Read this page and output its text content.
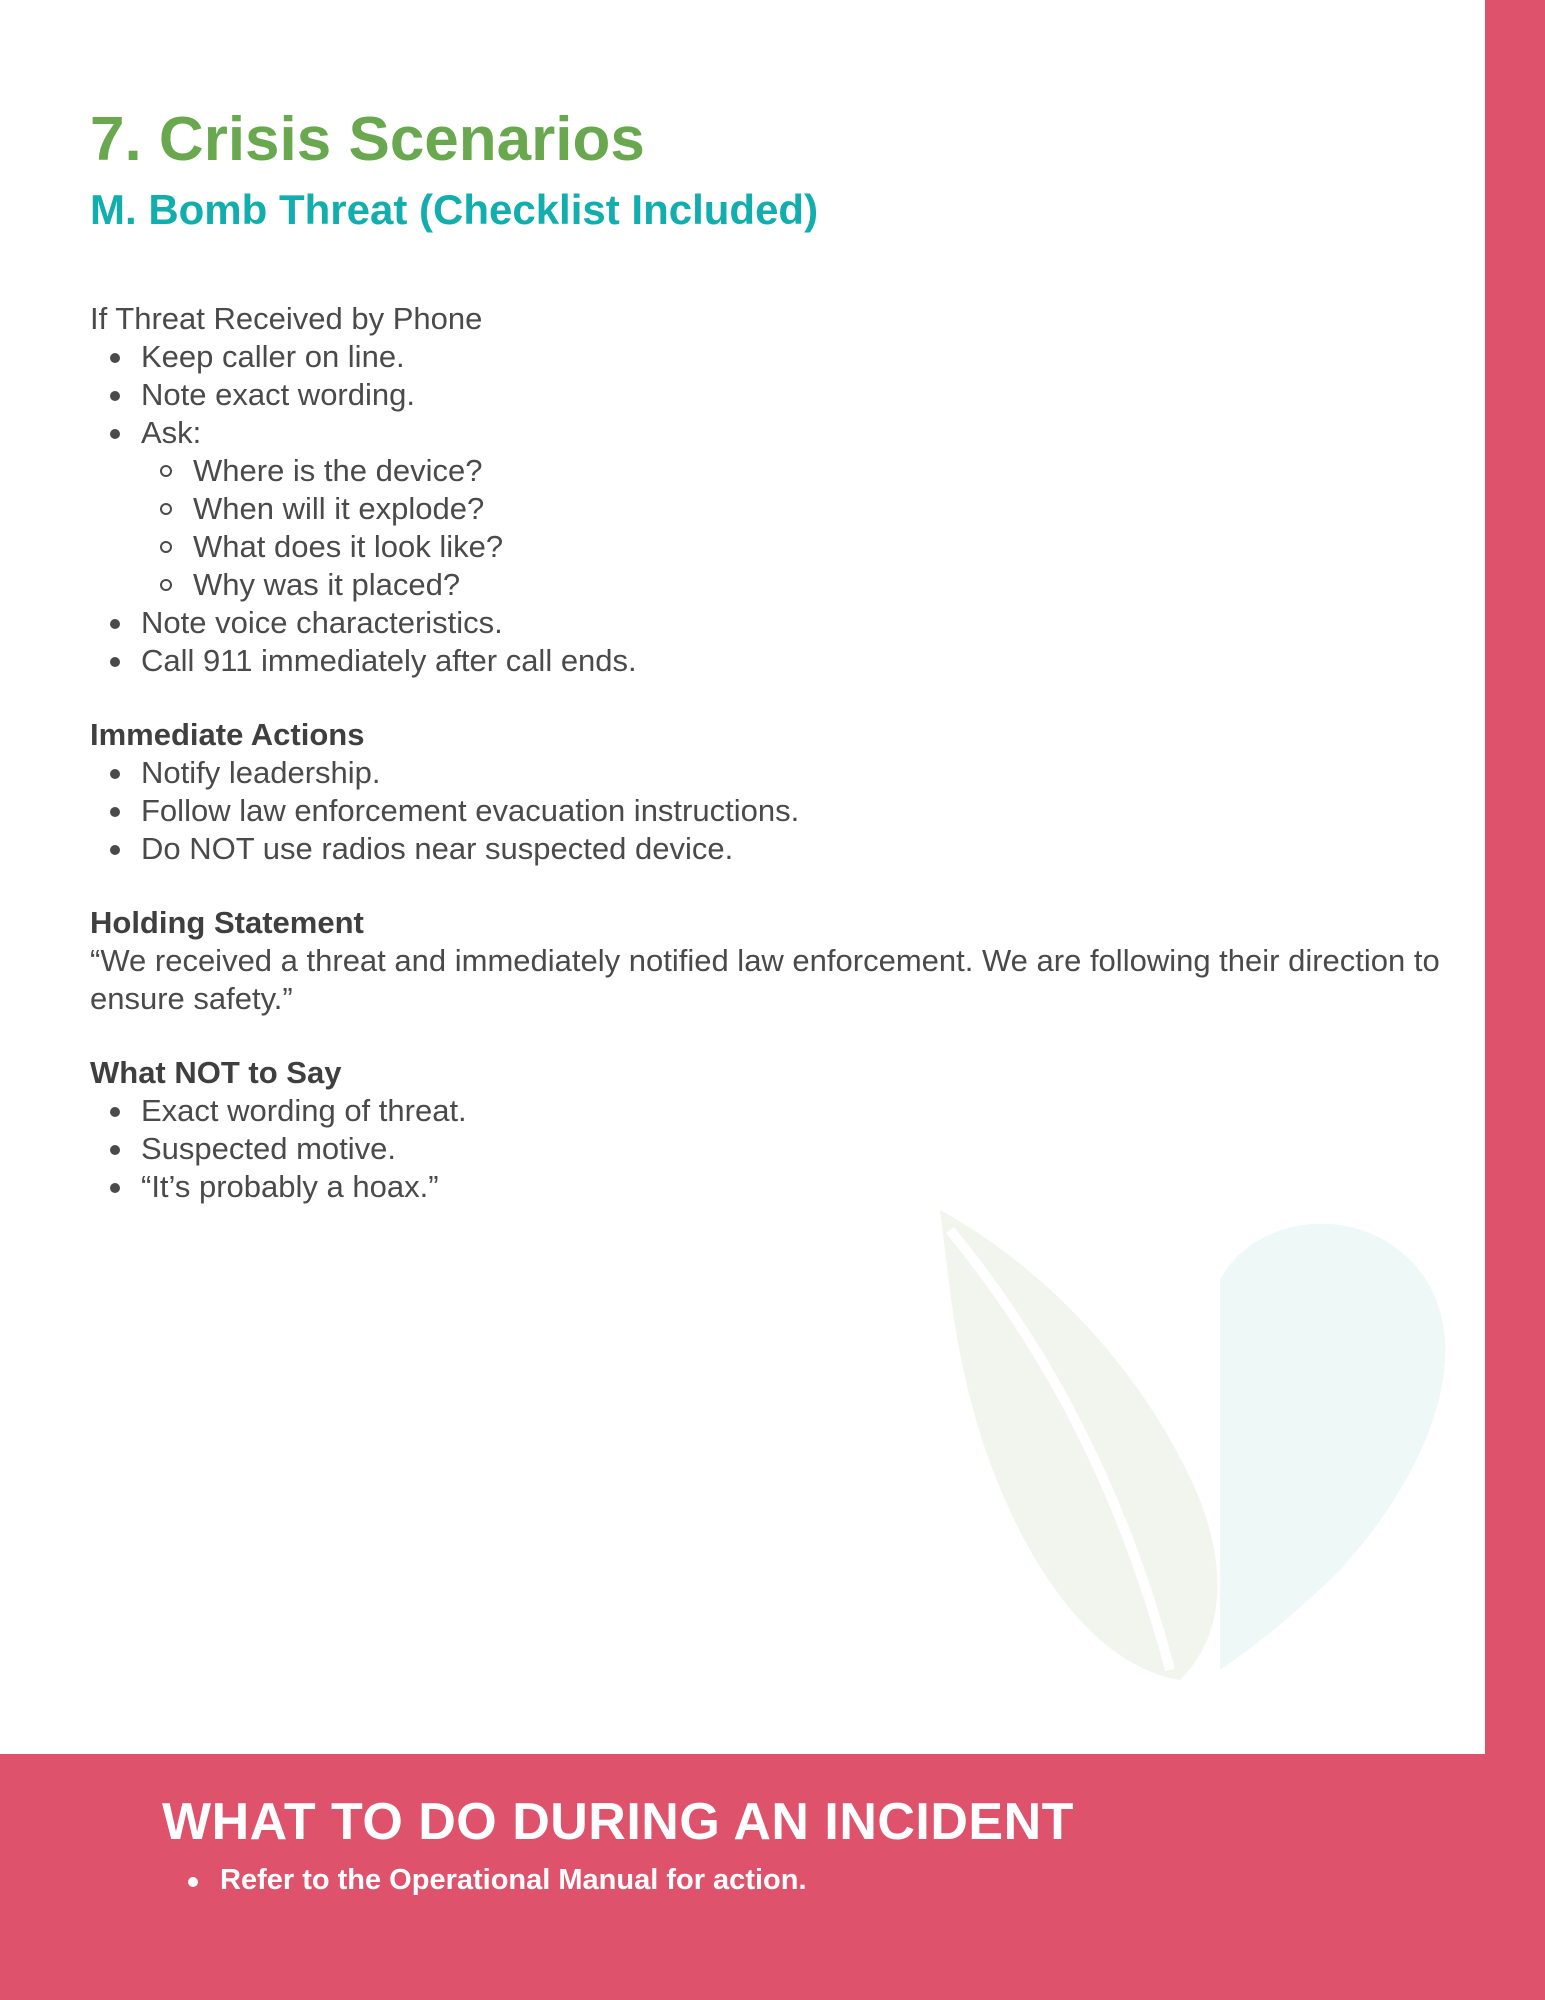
7. Crisis Scenarios
M. Bomb Threat (Checklist Included)

If Threat Received by Phone

Keep caller on line.
Note exact wording.
Ask:
Where is the device?
When will it explode?
What does it look like?
Why was it placed?
Note voice characteristics.
Call 911 immediately after call ends.

Immediate Actions

Notify leadership.
Follow law enforcement evacuation instructions.
Do NOT use radios near suspected device.

Holding Statement

“We received a threat and immediately notified law enforcement. We are following their direction to ensure safety.”

What NOT to Say

Exact wording of threat.
Suspected motive.
“It’s probably a hoax.”
WHAT TO DO DURING AN INCIDENT
Refer to the Operational Manual for action.
